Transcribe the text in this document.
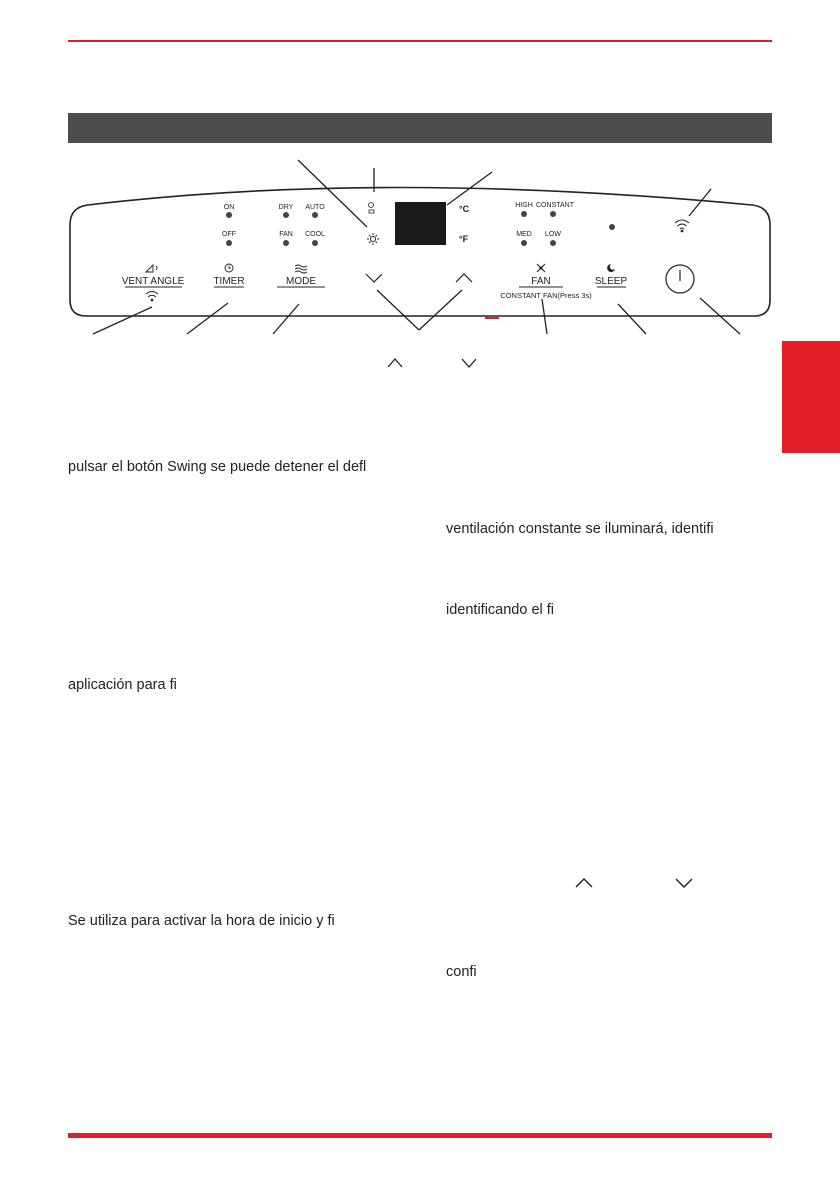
ON
OFF
DRY AUTO
FAN COOL
°C
°F
HIGH CONSTANT
MED LOW
VENT ANGLE	TIMER	MODE	FAN
CONSTANT FAN(Press 3s)
SLEEP
pulsar el botón Swing se puede detener el defl
ventilación constante se iluminará, identifi
identificando el fi
aplicación para fi
Se utiliza para activar la hora de inicio y fi
confi
